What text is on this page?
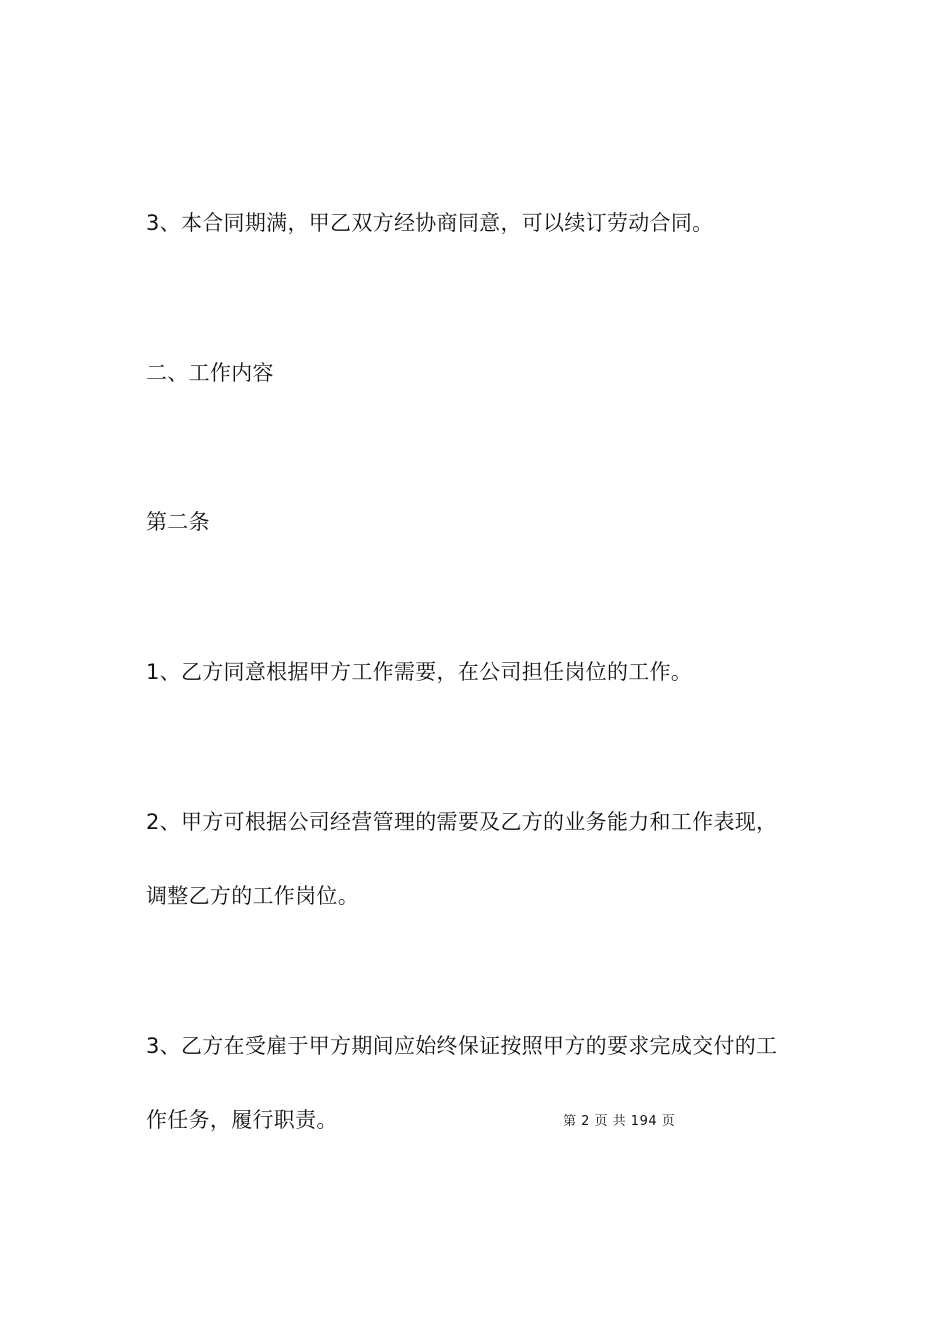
3、本合同期满，甲乙双方经协商同意，可以续订劳动合同。
二、工作内容
第二条
1、乙方同意根据甲方工作需要，在公司担任岗位的工作。
2、甲方可根据公司经营管理的需要及乙方的业务能力和工作表现，
调整乙方的工作岗位。
3、乙方在受雇于甲方期间应始终保证按照甲方的要求完成交付的工
作任务，履行职责。	第 2 页 共 194 页
